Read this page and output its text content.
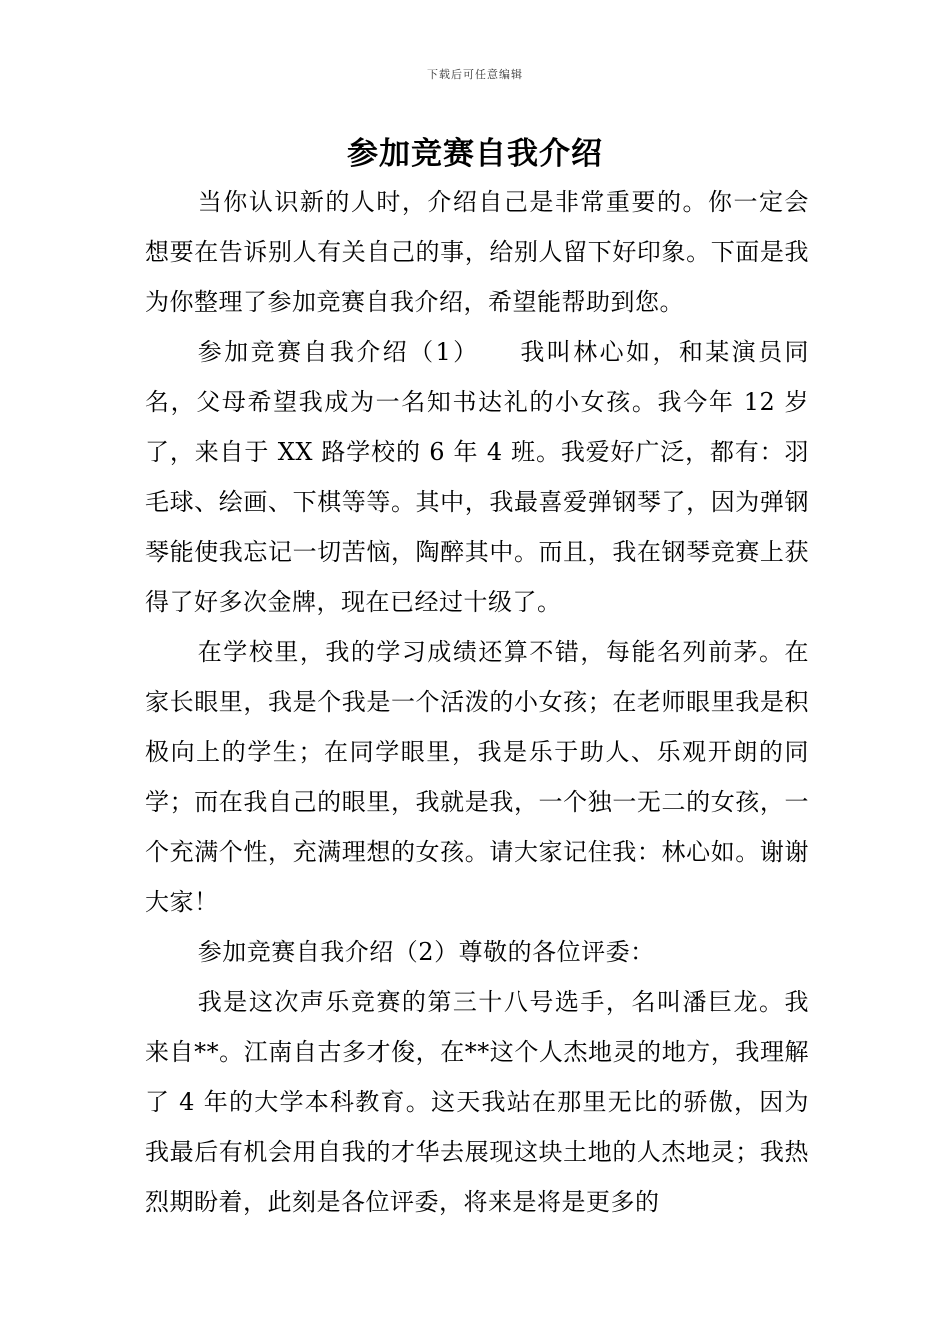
下载后可任意编辑
参加竞赛自我介绍

当你认识新的人时，介绍自己是非常重要的。你一定会想要在告诉别人有关自己的事，给别人留下好印象。下面是我为你整理了参加竞赛自我介绍，希望能帮助到您。

参加竞赛自我介绍（1）　　我叫林心如，和某演员同名，父母希望我成为一名知书达礼的小女孩。我今年 12 岁了，来自于 XX 路学校的 6 年 4 班。我爱好广泛，都有：羽毛球、绘画、下棋等等。其中，我最喜爱弹钢琴了，因为弹钢琴能使我忘记一切苦恼，陶醉其中。而且，我在钢琴竞赛上获得了好多次金牌，现在已经过十级了。

在学校里，我的学习成绩还算不错，每能名列前茅。在家长眼里，我是个我是一个活泼的小女孩；在老师眼里我是积极向上的学生；在同学眼里，我是乐于助人、乐观开朗的同学；而在我自己的眼里，我就是我，一个独一无二的女孩，一个充满个性，充满理想的女孩。请大家记住我：林心如。谢谢大家！

参加竞赛自我介绍（2）尊敬的各位评委：

我是这次声乐竞赛的第三十八号选手，名叫潘巨龙。我来自**。江南自古多才俊，在**这个人杰地灵的地方，我理解了 4 年的大学本科教育。这天我站在那里无比的骄傲，因为我最后有机会用自我的才华去展现这块土地的人杰地灵；我热烈期盼着，此刻是各位评委，将来是将是更多的
